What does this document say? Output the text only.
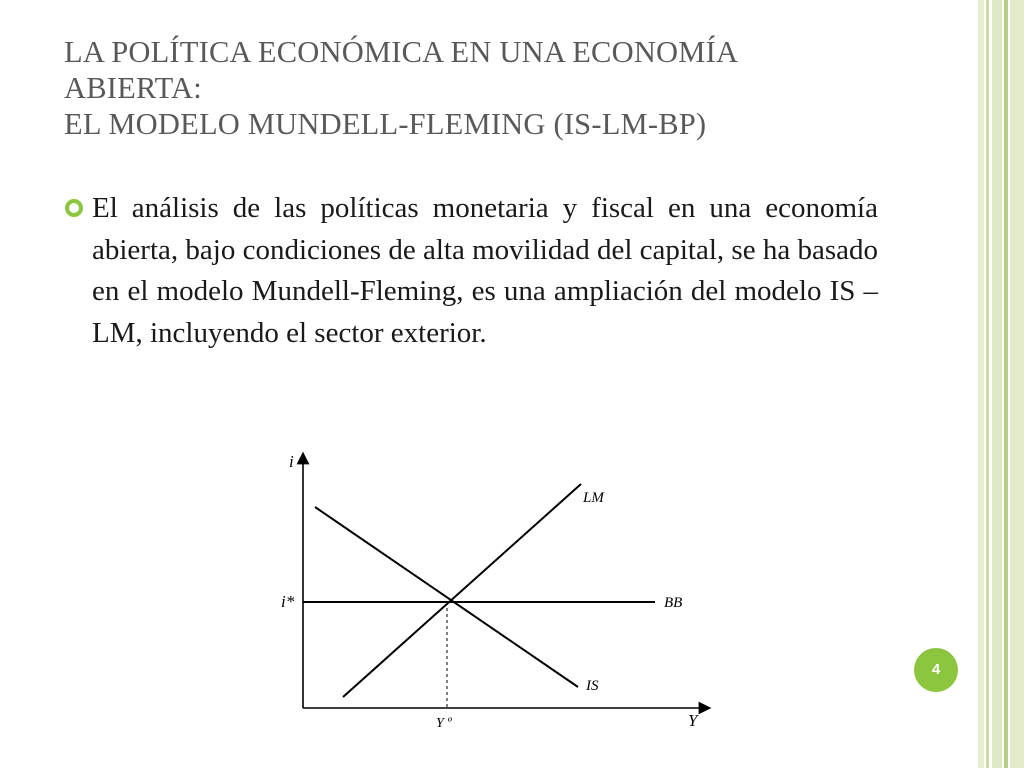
LA POLÍTICA ECONÓMICA EN UNA ECONOMÍA
ABIERTA:
EL MODELO MUNDELL-FLEMING (IS-LM-BP)

El análisis de las políticas monetaria y fiscal en una economía abierta, bajo condiciones de alta movilidad del capital, se ha basado en el modelo Mundell-Fleming, es una ampliación del modelo IS – LM, incluyendo el sector exterior.

i
Y
i*
Y º
LM
BB
IS
4
